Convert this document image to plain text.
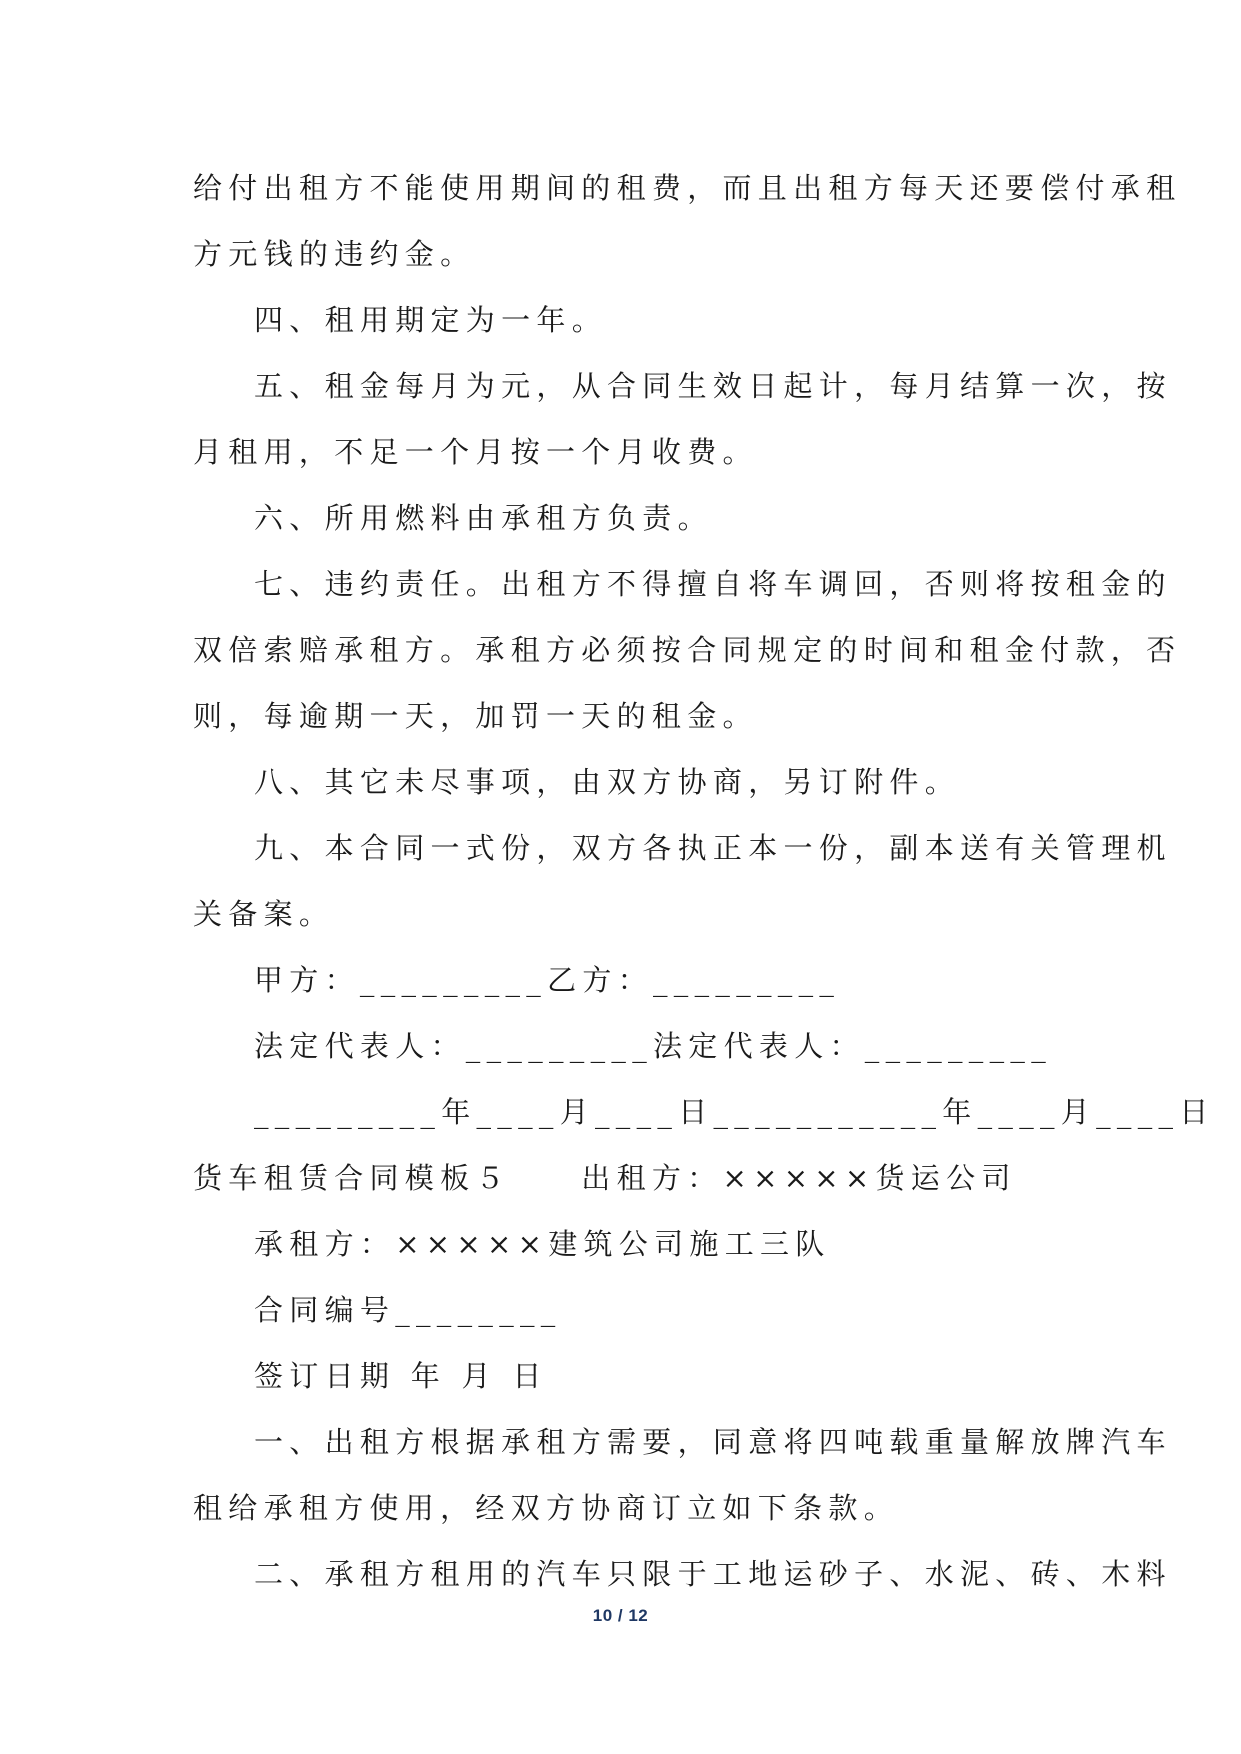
给付出租方不能使用期间的租费，而且出租方每天还要偿付承租

方元钱的违约金。

四、租用期定为一年。

五、租金每月为元，从合同生效日起计，每月结算一次，按

月租用，不足一个月按一个月收费。

六、所用燃料由承租方负责。

七、违约责任。出租方不得擅自将车调回，否则将按租金的

双倍索赔承租方。承租方必须按合同规定的时间和租金付款，否

则，每逾期一天，加罚一天的租金。

八、其它未尽事项，由双方协商，另订附件。

九、本合同一式份，双方各执正本一份，副本送有关管理机

关备案。

甲方：_________乙方：_________

法定代表人：_________法定代表人：_________

_________年____月____日___________年____月____日

货车租赁合同模板５　　出租方：×××××货运公司

承租方：×××××建筑公司施工三队

合同编号________

签订日期 年 月 日

一、出租方根据承租方需要，同意将四吨载重量解放牌汽车

租给承租方使用，经双方协商订立如下条款。

二、承租方租用的汽车只限于工地运砂子、水泥、砖、木料

10 / 12
